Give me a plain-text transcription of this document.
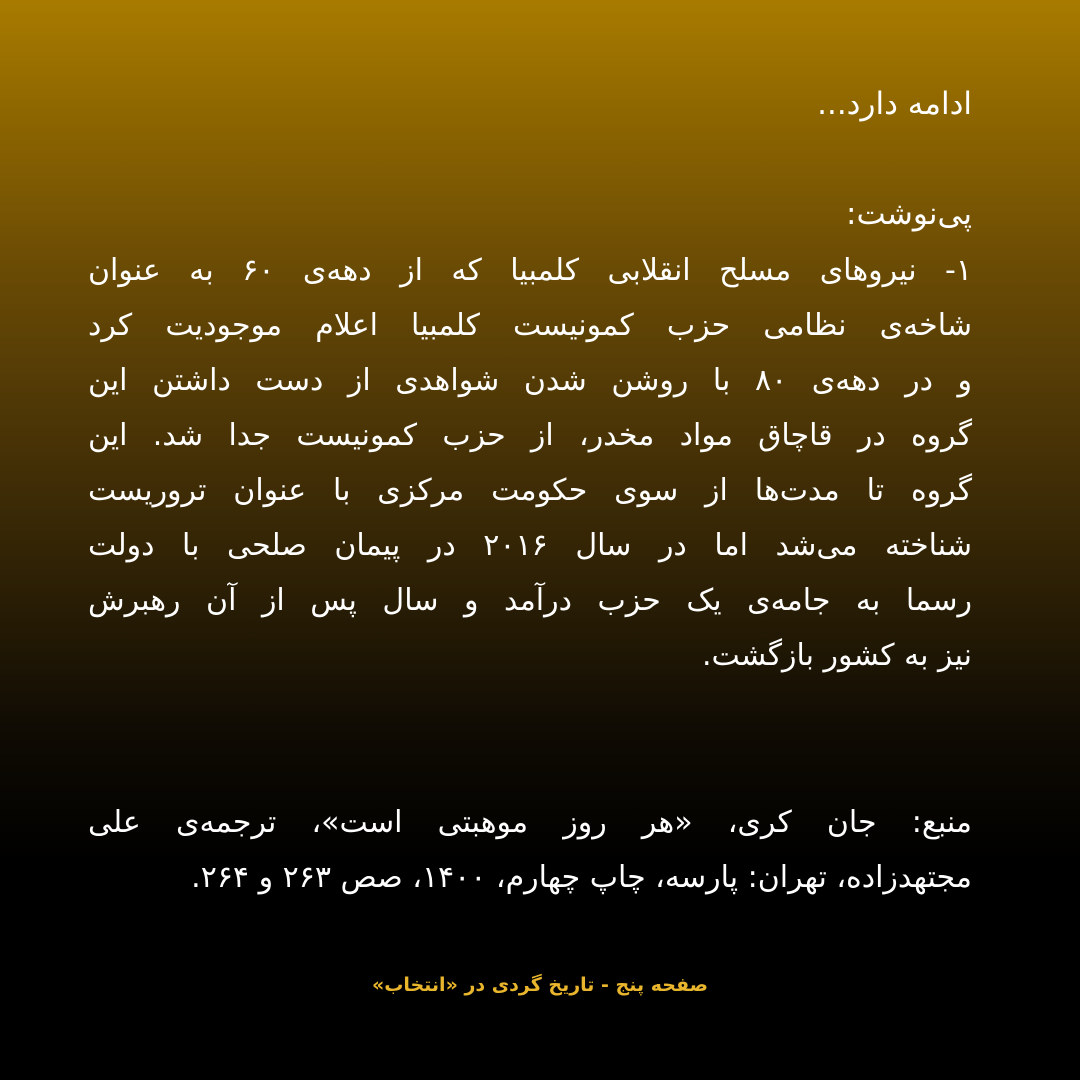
ادامه دارد...
پی‌نوشت:
۱- نیروهای مسلح انقلابی کلمبیا که از دهه‌ی ۶۰ به عنوان
شاخه‌ی نظامی حزب کمونیست کلمبیا اعلام موجودیت کرد
و در دهه‌ی ۸۰ با روشن شدن شواهدی از دست داشتن این
گروه در قاچاق مواد مخدر، از حزب کمونیست جدا شد. این
گروه تا مدت‌ها از سوی حکومت مرکزی با عنوان تروریست
شناخته می‌شد اما در سال ۲۰۱۶ در پیمان صلحی با دولت
رسما به جامه‌ی یک حزب درآمد و سال پس از آن رهبرش
نیز به کشور بازگشت.
منبع: جان کری، «هر روز موهبتی است»، ترجمه‌ی علی
مجتهدزاده، تهران: پارسه، چاپ چهارم، ۱۴۰۰، صص ۲۶۳ و ۲۶۴.
صفحه پنج - تاریخ گردی در «انتخاب»
